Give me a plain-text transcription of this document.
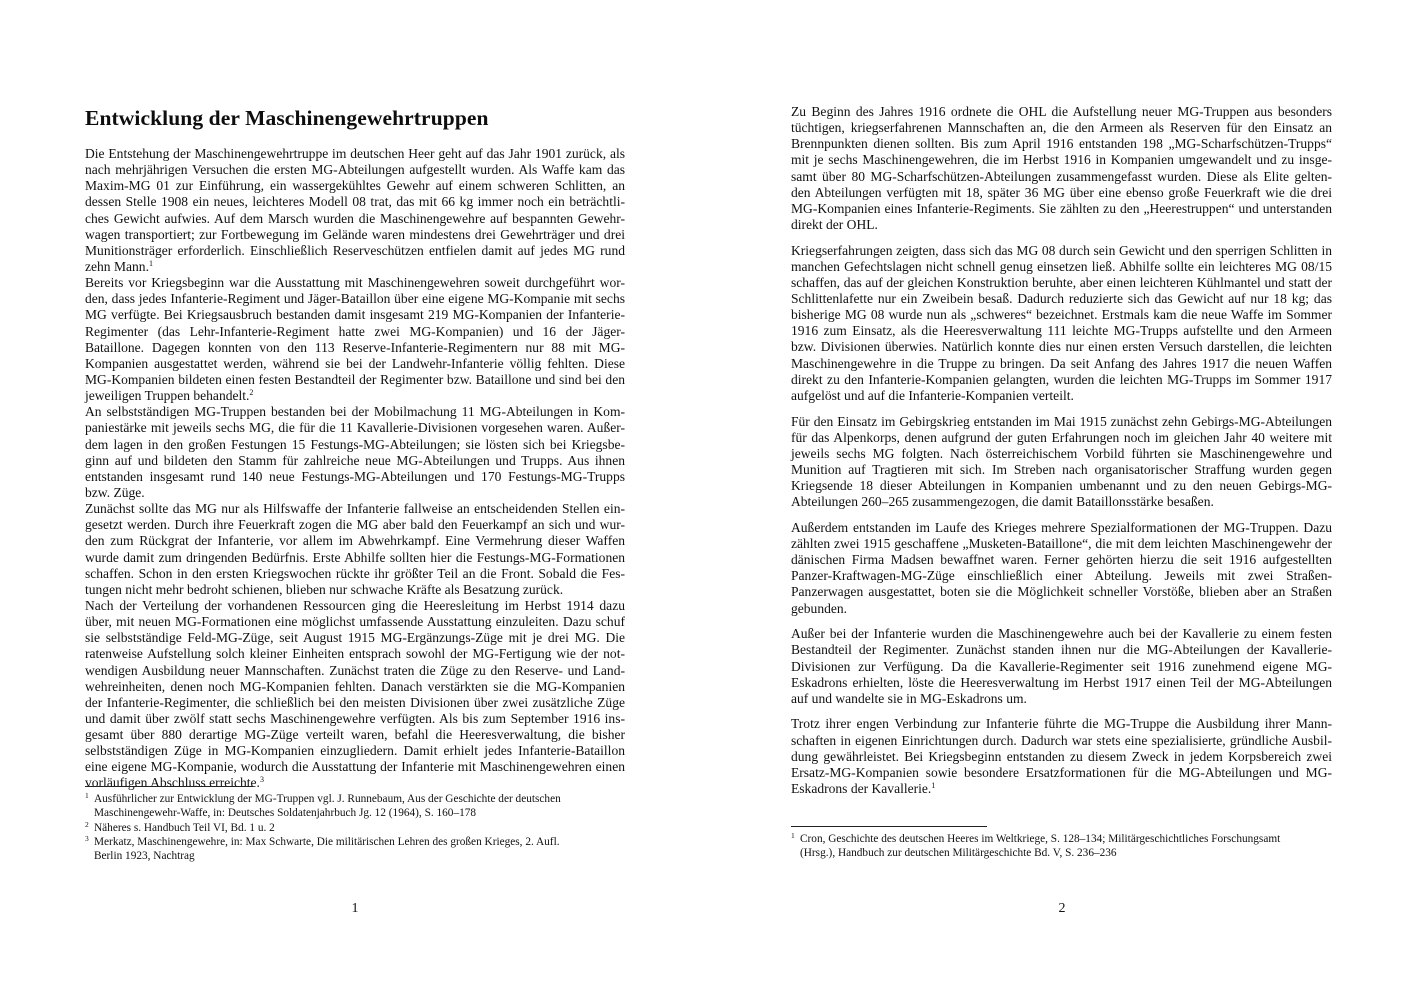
Entwicklung der Maschinengewehrtruppen

Die Entstehung der Maschinengewehrtruppe im deutschen Heer geht auf das Jahr 1901 zurück, als
nach mehrjährigen Versuchen die ersten MG-Abteilungen aufgestellt wurden. Als Waffe kam das
Maxim-MG 01 zur Einführung, ein wassergekühltes Gewehr auf einem schweren Schlitten, an
dessen Stelle 1908 ein neues, leichteres Modell 08 trat, das mit 66 kg immer noch ein beträchtli-
ches Gewicht aufwies. Auf dem Marsch wurden die Maschinengewehre auf bespannten Gewehr-
wagen transportiert; zur Fortbewegung im Gelände waren mindestens drei Gewehrträger und drei
Munitionsträger erforderlich. Einschließlich Reserveschützen entfielen damit auf jedes MG rund
zehn Mann.$^1$

Bereits vor Kriegsbeginn war die Ausstattung mit Maschinengewehren soweit durchgeführt wor-
den, dass jedes Infanterie-Regiment und Jäger-Bataillon über eine eigene MG-Kompanie mit sechs
MG verfügte. Bei Kriegsausbruch bestanden damit insgesamt 219 MG-Kompanien der Infanterie-
Regimenter (das Lehr-Infanterie-Regiment hatte zwei MG-Kompanien) und 16 der Jäger-
Bataillone. Dagegen konnten von den 113 Reserve-Infanterie-Regimentern nur 88 mit MG-
Kompanien ausgestattet werden, während sie bei der Landwehr-Infanterie völlig fehlten. Diese
MG-Kompanien bildeten einen festen Bestandteil der Regimenter bzw. Bataillone und sind bei den
jeweiligen Truppen behandelt.$^2$

An selbstständigen MG-Truppen bestanden bei der Mobilmachung 11 MG-Abteilungen in Kom-
paniestärke mit jeweils sechs MG, die für die 11 Kavallerie-Divisionen vorgesehen waren. Außer-
dem lagen in den großen Festungen 15 Festungs-MG-Abteilungen; sie lösten sich bei Kriegsbe-
ginn auf und bildeten den Stamm für zahlreiche neue MG-Abteilungen und Trupps. Aus ihnen
entstanden insgesamt rund 140 neue Festungs-MG-Abteilungen und 170 Festungs-MG-Trupps
bzw. Züge.

Zunächst sollte das MG nur als Hilfswaffe der Infanterie fallweise an entscheidenden Stellen ein-
gesetzt werden. Durch ihre Feuerkraft zogen die MG aber bald den Feuerkampf an sich und wur-
den zum Rückgrat der Infanterie, vor allem im Abwehrkampf. Eine Vermehrung dieser Waffen
wurde damit zum dringenden Bedürfnis. Erste Abhilfe sollten hier die Festungs-MG-Formationen
schaffen. Schon in den ersten Kriegswochen rückte ihr größter Teil an die Front. Sobald die Fes-
tungen nicht mehr bedroht schienen, blieben nur schwache Kräfte als Besatzung zurück.

Nach der Verteilung der vorhandenen Ressourcen ging die Heeresleitung im Herbst 1914 dazu
über, mit neuen MG-Formationen eine möglichst umfassende Ausstattung einzuleiten. Dazu schuf
sie selbstständige Feld-MG-Züge, seit August 1915 MG-Ergänzungs-Züge mit je drei MG. Die
ratenweise Aufstellung solch kleiner Einheiten entsprach sowohl der MG-Fertigung wie der not-
wendigen Ausbildung neuer Mannschaften. Zunächst traten die Züge zu den Reserve- und Land-
wehreinheiten, denen noch MG-Kompanien fehlten. Danach verstärkten sie die MG-Kompanien
der Infanterie-Regimenter, die schließlich bei den meisten Divisionen über zwei zusätzliche Züge
und damit über zwölf statt sechs Maschinengewehre verfügten. Als bis zum September 1916 ins-
gesamt über 880 derartige MG-Züge verteilt waren, befahl die Heeresverwaltung, die bisher
selbstständigen Züge in MG-Kompanien einzugliedern. Damit erhielt jedes Infanterie-Bataillon
eine eigene MG-Kompanie, wodurch die Ausstattung der Infanterie mit Maschinengewehren einen
vorläufigen Abschluss erreichte.$^3$

1 Ausführlicher zur Entwicklung der MG-Truppen vgl. J. Runnebaum, Aus der Geschichte der deutschen
Maschinengewehr-Waffe, in: Deutsches Soldatenjahrbuch Jg. 12 (1964), S. 160–178
2 Näheres s. Handbuch Teil VI, Bd. 1 u. 2
3 Merkatz, Maschinengewehre, in: Max Schwarte, Die militärischen Lehren des großen Krieges, 2. Aufl.
Berlin 1923, Nachtrag
1

Zu Beginn des Jahres 1916 ordnete die OHL die Aufstellung neuer MG-Truppen aus besonders
tüchtigen, kriegserfahrenen Mannschaften an, die den Armeen als Reserven für den Einsatz an
Brennpunkten dienen sollten. Bis zum April 1916 entstanden 198 „MG-Scharfschützen-Trupps“
mit je sechs Maschinengewehren, die im Herbst 1916 in Kompanien umgewandelt und zu insge-
samt über 80 MG-Scharfschützen-Abteilungen zusammengefasst wurden. Diese als Elite gelten-
den Abteilungen verfügten mit 18, später 36 MG über eine ebenso große Feuerkraft wie die drei
MG-Kompanien eines Infanterie-Regiments. Sie zählten zu den „Heerestruppen“ und unterstanden
direkt der OHL.

Kriegserfahrungen zeigten, dass sich das MG 08 durch sein Gewicht und den sperrigen Schlitten in
manchen Gefechtslagen nicht schnell genug einsetzen ließ. Abhilfe sollte ein leichteres MG 08/15
schaffen, das auf der gleichen Konstruktion beruhte, aber einen leichteren Kühlmantel und statt der
Schlittenlafette nur ein Zweibein besaß. Dadurch reduzierte sich das Gewicht auf nur 18 kg; das
bisherige MG 08 wurde nun als „schweres“ bezeichnet. Erstmals kam die neue Waffe im Sommer
1916 zum Einsatz, als die Heeresverwaltung 111 leichte MG-Trupps aufstellte und den Armeen
bzw. Divisionen überwies. Natürlich konnte dies nur einen ersten Versuch darstellen, die leichten
Maschinengewehre in die Truppe zu bringen. Da seit Anfang des Jahres 1917 die neuen Waffen
direkt zu den Infanterie-Kompanien gelangten, wurden die leichten MG-Trupps im Sommer 1917
aufgelöst und auf die Infanterie-Kompanien verteilt.

Für den Einsatz im Gebirgskrieg entstanden im Mai 1915 zunächst zehn Gebirgs-MG-Abteilungen
für das Alpenkorps, denen aufgrund der guten Erfahrungen noch im gleichen Jahr 40 weitere mit
jeweils sechs MG folgten. Nach österreichischem Vorbild führten sie Maschinengewehre und
Munition auf Tragtieren mit sich. Im Streben nach organisatorischer Straffung wurden gegen
Kriegsende 18 dieser Abteilungen in Kompanien umbenannt und zu den neuen Gebirgs-MG-
Abteilungen 260–265 zusammengezogen, die damit Bataillonsstärke besaßen.

Außerdem entstanden im Laufe des Krieges mehrere Spezialformationen der MG-Truppen. Dazu
zählten zwei 1915 geschaffene „Musketen-Bataillone“, die mit dem leichten Maschinengewehr der
dänischen Firma Madsen bewaffnet waren. Ferner gehörten hierzu die seit 1916 aufgestellten
Panzer-Kraftwagen-MG-Züge einschließlich einer Abteilung. Jeweils mit zwei Straßen-
Panzerwagen ausgestattet, boten sie die Möglichkeit schneller Vorstöße, blieben aber an Straßen
gebunden.

Außer bei der Infanterie wurden die Maschinengewehre auch bei der Kavallerie zu einem festen
Bestandteil der Regimenter. Zunächst standen ihnen nur die MG-Abteilungen der Kavallerie-
Divisionen zur Verfügung. Da die Kavallerie-Regimenter seit 1916 zunehmend eigene MG-
Eskadrons erhielten, löste die Heeresverwaltung im Herbst 1917 einen Teil der MG-Abteilungen
auf und wandelte sie in MG-Eskadrons um.

Trotz ihrer engen Verbindung zur Infanterie führte die MG-Truppe die Ausbildung ihrer Mann-
schaften in eigenen Einrichtungen durch. Dadurch war stets eine spezialisierte, gründliche Ausbil-
dung gewährleistet. Bei Kriegsbeginn entstanden zu diesem Zweck in jedem Korpsbereich zwei
Ersatz-MG-Kompanien sowie besondere Ersatzformationen für die MG-Abteilungen und MG-
Eskadrons der Kavallerie.$^1$

1 Cron, Geschichte des deutschen Heeres im Weltkriege, S. 128–134; Militärgeschichtliches Forschungsamt
(Hrsg.), Handbuch zur deutschen Militärgeschichte Bd. V, S. 236–236
2
